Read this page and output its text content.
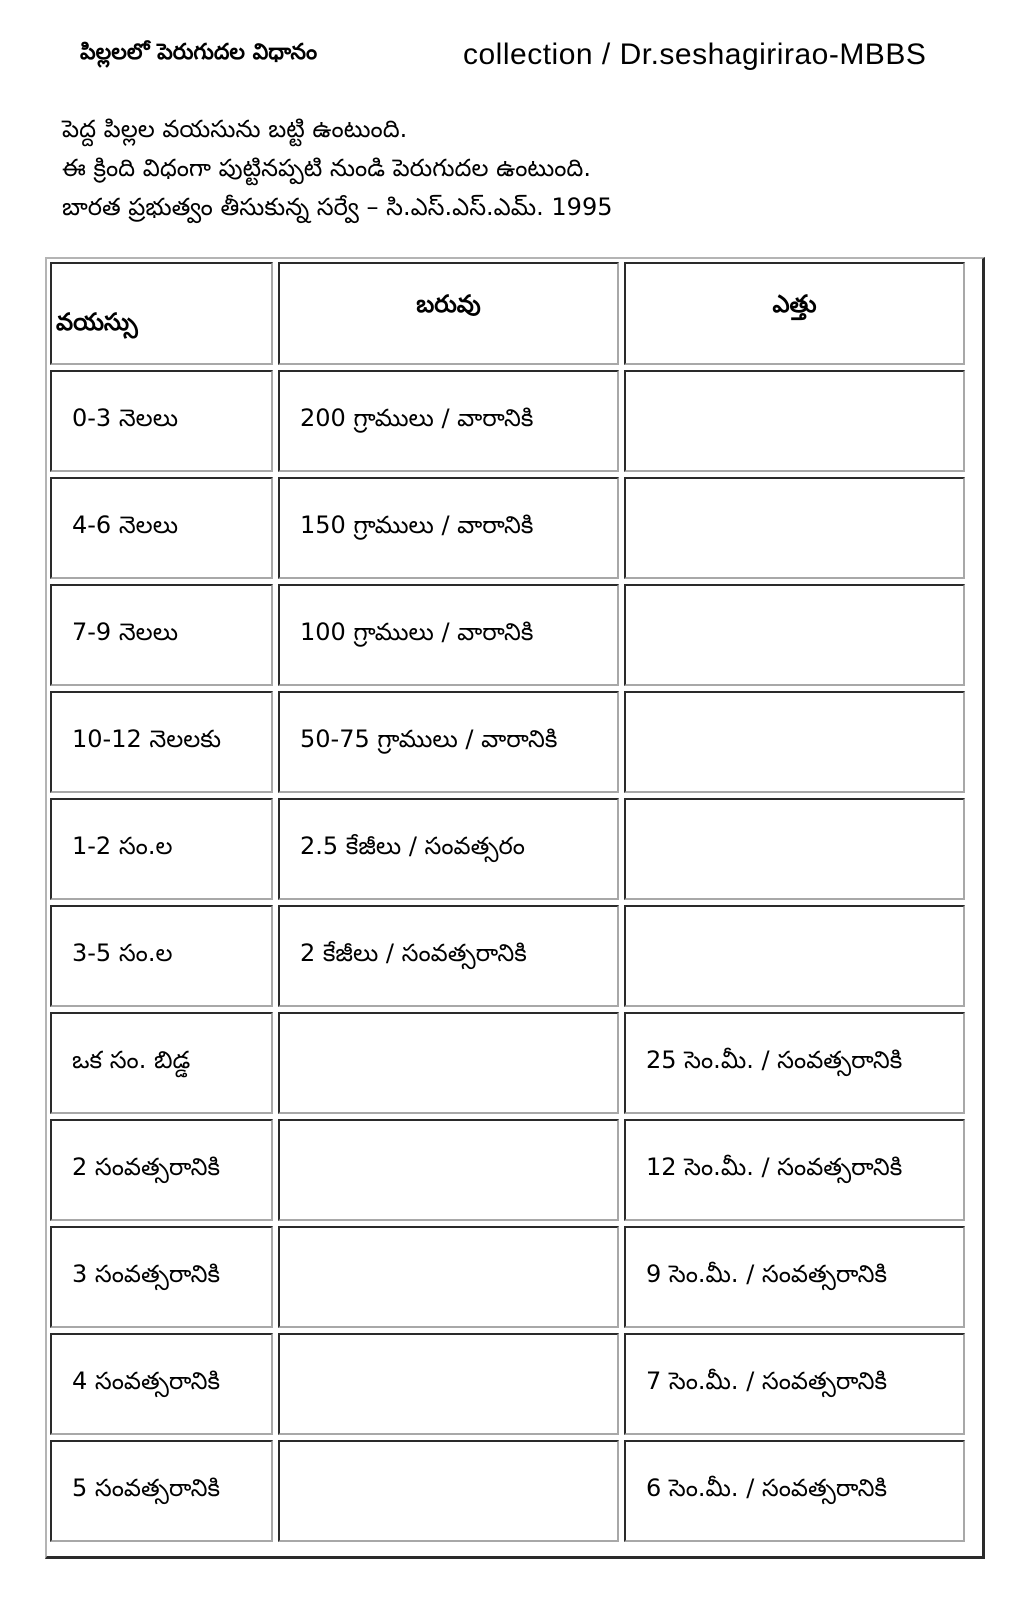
పిల్లలలో పెరుగుదల విధానం	collection / Dr.seshagirirao-MBBS
పెద్ద పిల్లల వయసును బట్టి ఉంటుంది.
ఈ క్రింది విధంగా పుట్టినప్పటి నుండి పెరుగుదల ఉంటుంది.
బారత ప్రభుత్వం తీసుకున్న సర్వే – సి.ఎస్.ఎస్.ఎమ్. 1995
వయస్సు	బరువు	ఎత్తు
0-3 నెలలు	200 గ్రాములు / వారానికి	
4-6 నెలలు	150 గ్రాములు / వారానికి	
7-9 నెలలు	100 గ్రాములు / వారానికి	
10-12 నెలలకు	50-75 గ్రాములు / వారానికి	
1-2 సం.ల	2.5 కేజీలు / సంవత్సరం	
3-5 సం.ల	2 కేజీలు / సంవత్సరానికి	
ఒక సం. బిడ్డ		25 సెం.మీ. / సంవత్సరానికి
2 సంవత్సరానికి		12 సెం.మీ. / సంవత్సరానికి
3 సంవత్సరానికి		9 సెం.మీ. / సంవత్సరానికి
4 సంవత్సరానికి		7 సెం.మీ. / సంవత్సరానికి
5 సంవత్సరానికి		6 సెం.మీ. / సంవత్సరానికి
